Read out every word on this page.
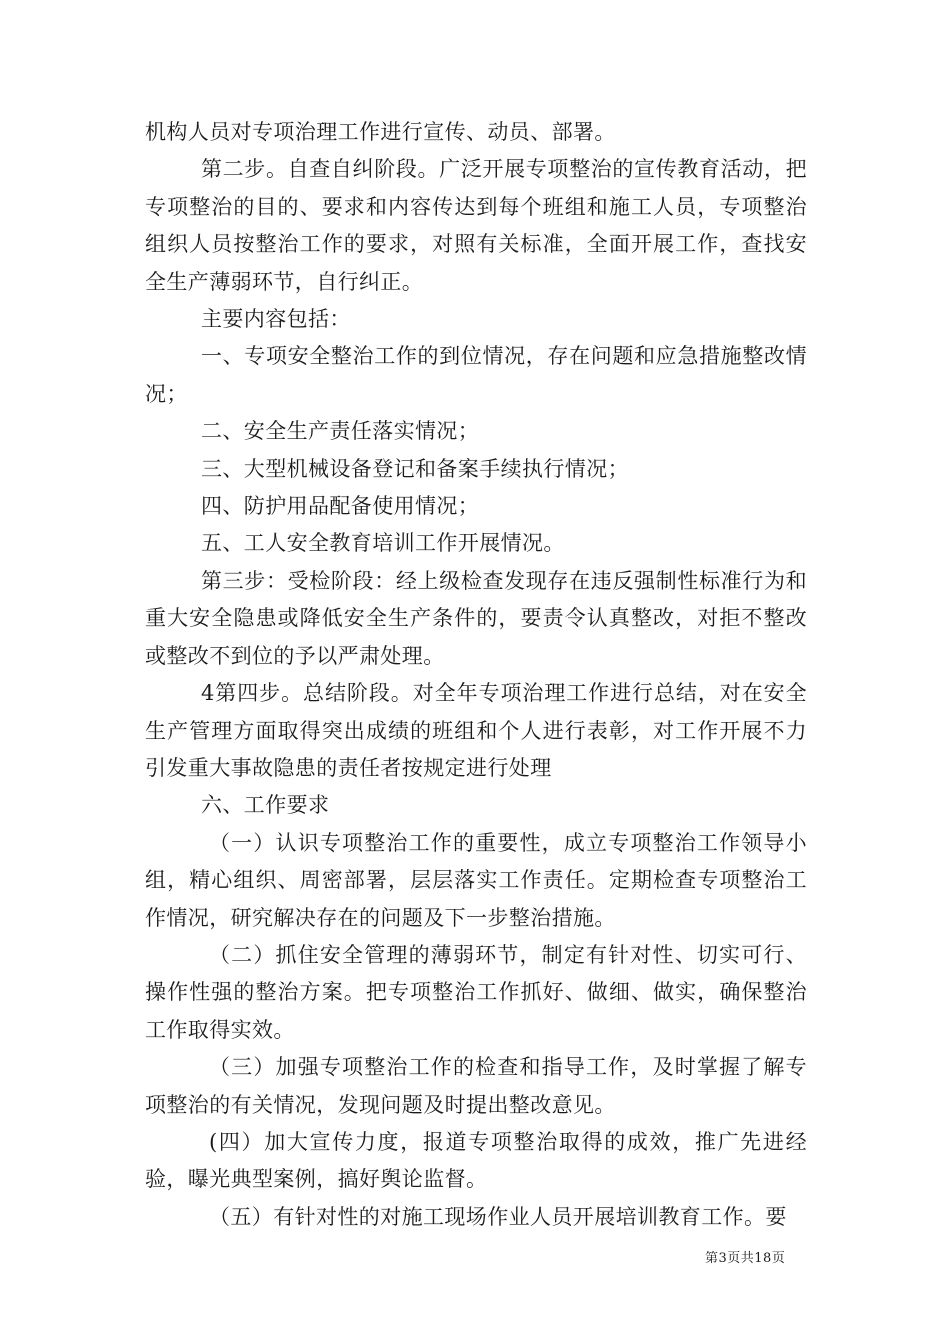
机构人员对专项治理工作进行宣传、动员、部署。

第二步。自查自纠阶段。广泛开展专项整治的宣传教育活动，把专项整治的目的、要求和内容传达到每个班组和施工人员，专项整治组织人员按整治工作的要求，对照有关标准，全面开展工作，查找安全生产薄弱环节，自行纠正。

主要内容包括：

一、专项安全整治工作的到位情况，存在问题和应急措施整改情况；

二、安全生产责任落实情况；

三、大型机械设备登记和备案手续执行情况；

四、防护用品配备使用情况；

五、工人安全教育培训工作开展情况。

第三步：受检阶段：经上级检查发现存在违反强制性标准行为和重大安全隐患或降低安全生产条件的，要责令认真整改，对拒不整改或整改不到位的予以严肃处理。

4第四步。总结阶段。对全年专项治理工作进行总结，对在安全生产管理方面取得突出成绩的班组和个人进行表彰，对工作开展不力引发重大事故隐患的责任者按规定进行处理

六、工作要求

（一）认识专项整治工作的重要性，成立专项整治工作领导小组，精心组织、周密部署，层层落实工作责任。定期检查专项整治工作情况，研究解决存在的问题及下一步整治措施。

（二）抓住安全管理的薄弱环节，制定有针对性、切实可行、操作性强的整治方案。把专项整治工作抓好、做细、做实，确保整治工作取得实效。

（三）加强专项整治工作的检查和指导工作，及时掌握了解专项整治的有关情况，发现问题及时提出整改意见。

(四）加大宣传力度，报道专项整治取得的成效，推广先进经验，曝光典型案例，搞好舆论监督。

（五）有针对性的对施工现场作业人员开展培训教育工作。要

第3页共18页
